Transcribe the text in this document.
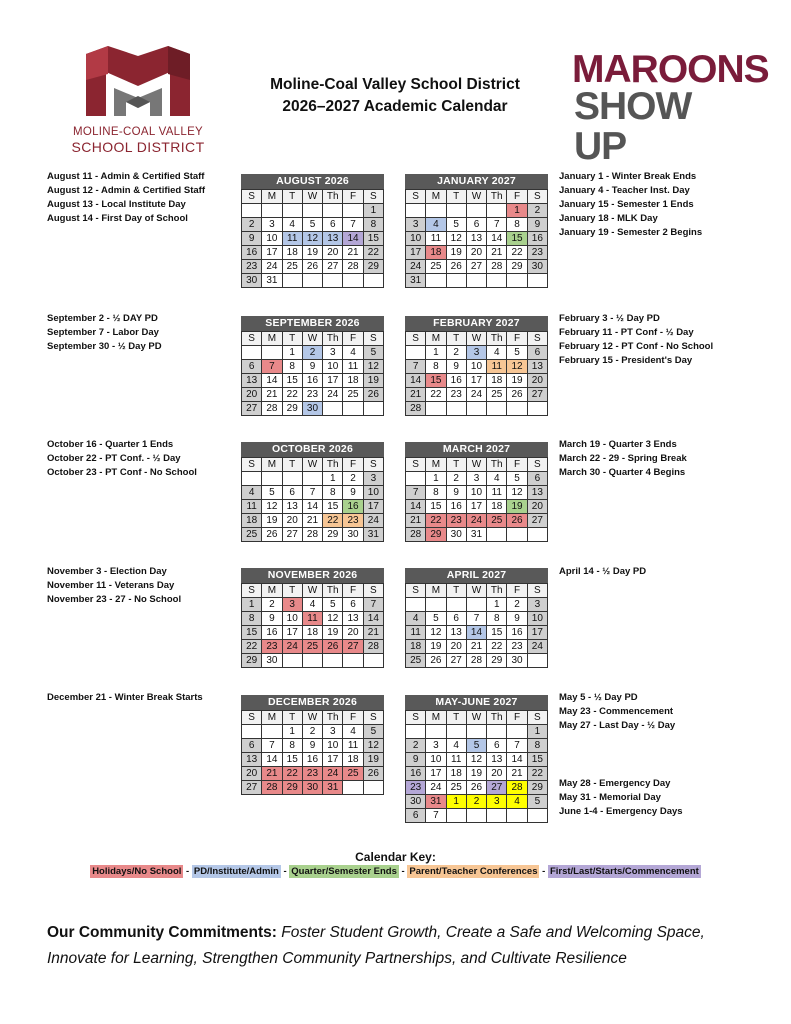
MOLINE-COAL VALLEY
SCHOOL DISTRICT
Moline-Coal Valley School District
2026–2027 Academic Calendar
MAROONS
SHOW UP
AUGUST 2026
S	M	T	W	Th	F	S
						1
2	3	4	5	6	7	8
9	10	11	12	13	14	15
16	17	18	19	20	21	22
23	24	25	26	27	28	29
30	31					
JANUARY 2027
S	M	T	W	Th	F	S
					1	2
3	4	5	6	7	8	9
10	11	12	13	14	15	16
17	18	19	20	21	22	23
24	25	26	27	28	29	30
31						
SEPTEMBER 2026
S	M	T	W	Th	F	S
		1	2	3	4	5
6	7	8	9	10	11	12
13	14	15	16	17	18	19
20	21	22	23	24	25	26
27	28	29	30			
FEBRUARY 2027
S	M	T	W	Th	F	S
	1	2	3	4	5	6
7	8	9	10	11	12	13
14	15	16	17	18	19	20
21	22	23	24	25	26	27
28						
OCTOBER 2026
S	M	T	W	Th	F	S
				1	2	3
4	5	6	7	8	9	10
11	12	13	14	15	16	17
18	19	20	21	22	23	24
25	26	27	28	29	30	31
MARCH 2027
S	M	T	W	Th	F	S
	1	2	3	4	5	6
7	8	9	10	11	12	13
14	15	16	17	18	19	20
21	22	23	24	25	26	27
28	29	30	31			
NOVEMBER 2026
S	M	T	W	Th	F	S
1	2	3	4	5	6	7
8	9	10	11	12	13	14
15	16	17	18	19	20	21
22	23	24	25	26	27	28
29	30					
APRIL 2027
S	M	T	W	Th	F	S
				1	2	3
4	5	6	7	8	9	10
11	12	13	14	15	16	17
18	19	20	21	22	23	24
25	26	27	28	29	30	
DECEMBER 2026
S	M	T	W	Th	F	S
		1	2	3	4	5
6	7	8	9	10	11	12
13	14	15	16	17	18	19
20	21	22	23	24	25	26
27	28	29	30	31		
MAY-JUNE 2027
S	M	T	W	Th	F	S
						1
2	3	4	5	6	7	8
9	10	11	12	13	14	15
16	17	18	19	20	21	22
23	24	25	26	27	28	29
30	31	1	2	3	4	5
6	7					
August 11 - Admin & Certified Staff
August 12 - Admin & Certified Staff
August 13 - Local Institute Day
August 14 - First Day of School
September 2 - ½ DAY PD
September 7 - Labor Day
September 30 - ½ Day PD
October 16 - Quarter 1 Ends
October 22 - PT Conf. - ½ Day
October 23 - PT Conf - No School
November 3 - Election Day
November 11 - Veterans Day
November 23 - 27 - No School
December 21 - Winter Break Starts
January 1 - Winter Break Ends
January 4 - Teacher Inst. Day
January 15 - Semester 1 Ends
January 18 - MLK Day
January 19 - Semester 2 Begins
February 3 - ½ Day PD
February 11 - PT Conf - ½ Day
February 12 - PT Conf - No School
February 15 - President's Day
March 19 - Quarter 3 Ends
March 22 - 29 - Spring Break
March 30 - Quarter 4 Begins
April 14 - ½ Day PD
May 5 - ½ Day PD
May 23 - Commencement
May 27 - Last Day - ½ Day
May 28 - Emergency Day
May 31 - Memorial Day
June 1-4 - Emergency Days
Calendar Key:
Holidays/No School - PD/Institute/Admin - Quarter/Semester Ends - Parent/Teacher Conferences - First/Last/Starts/Commencement
Our Community Commitments: Foster Student Growth, Create a Safe and Welcoming Space, Innovate for Learning, Strengthen Community Partnerships, and Cultivate Resilience
